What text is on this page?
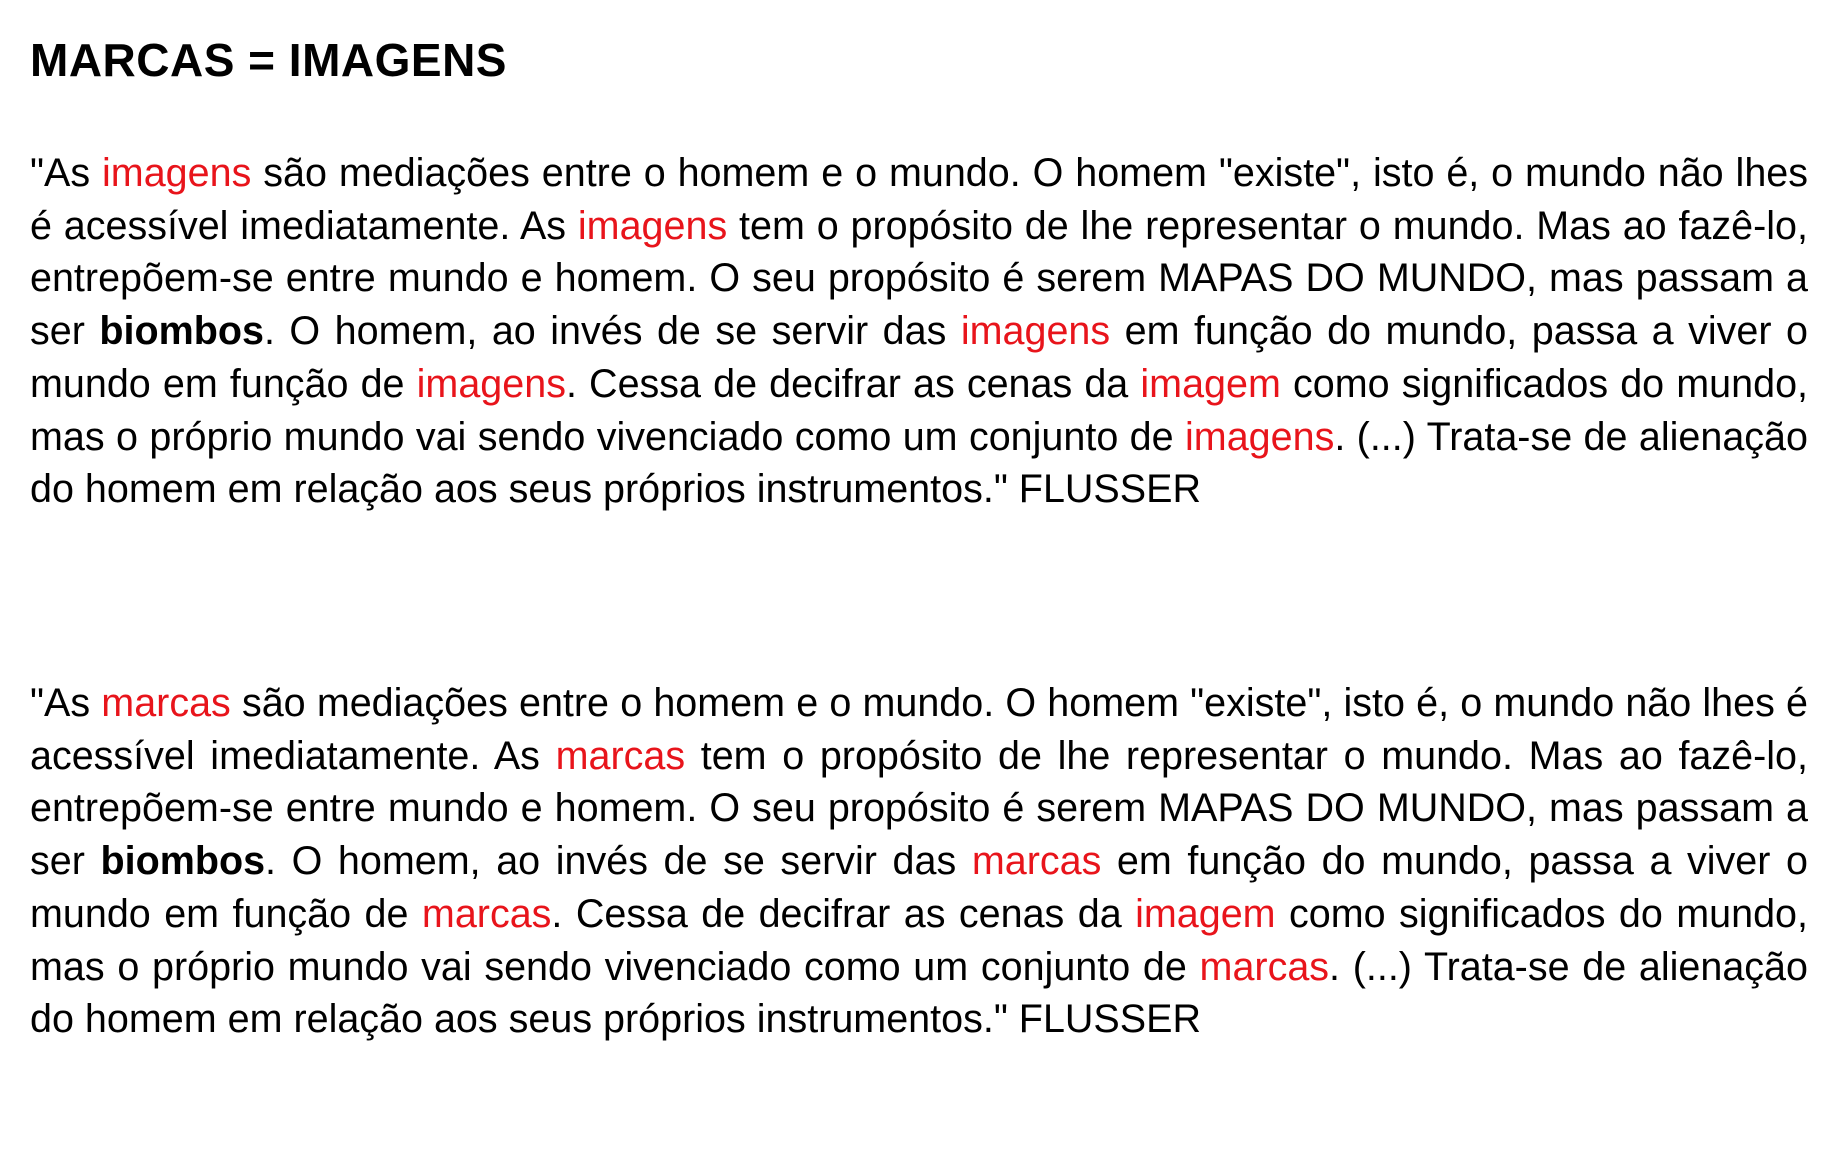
MARCAS = IMAGENS

"As imagens são mediações entre o homem e o mundo. O homem "existe", isto é, o mundo não lhes é acessível imediatamente. As imagens tem o propósito de lhe representar o mundo. Mas ao fazê-lo, entrepõem-se entre mundo e homem. O seu propósito é serem MAPAS DO MUNDO, mas passam a ser biombos. O homem, ao invés de se servir das imagens em função do mundo, passa a viver o mundo em função de imagens. Cessa de decifrar as cenas da imagem como significados do mundo, mas o próprio mundo vai sendo vivenciado como um conjunto de imagens. (...) Trata-se de alienação do homem em relação aos seus próprios instrumentos." FLUSSER

"As marcas são mediações entre o homem e o mundo. O homem "existe", isto é, o mundo não lhes é acessível imediatamente. As marcas tem o propósito de lhe representar o mundo. Mas ao fazê-lo, entrepõem-se entre mundo e homem. O seu propósito é serem MAPAS DO MUNDO, mas passam a ser biombos. O homem, ao invés de se servir das marcas em função do mundo, passa a viver o mundo em função de marcas. Cessa de decifrar as cenas da imagem como significados do mundo, mas o próprio mundo vai sendo vivenciado como um conjunto de marcas. (...) Trata-se de alienação do homem em relação aos seus próprios instrumentos." FLUSSER
